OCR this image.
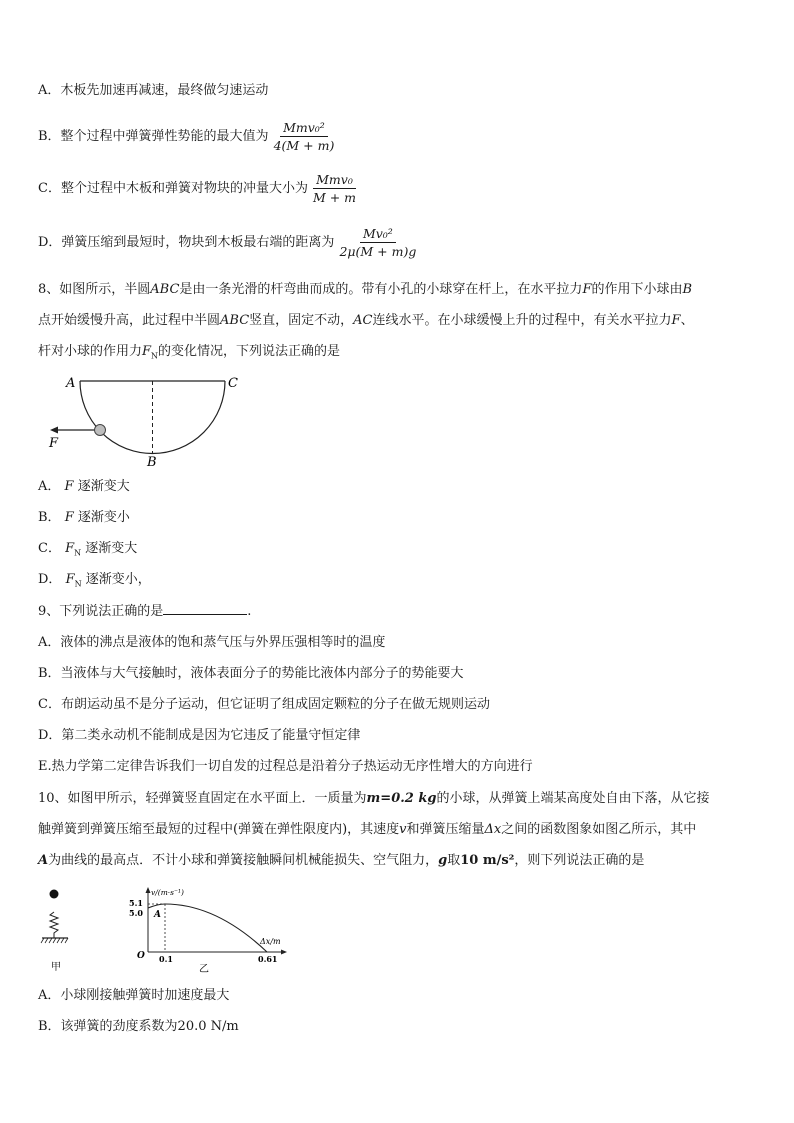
A．木板先加速再减速，最终做匀速运动
B．整个过程中弹簧弹性势能的最大值为 $\frac{\text{Mmv₀²}}{4(M + m)}$
C．整个过程中木板和弹簧对物块的冲量大小为 $\frac{\text{Mmv₀}}{M + m}$
D．弹簧压缩到最短时，物块到木板最右端的距离为 $\frac{\text{Mv₀²}}{2\mu(M + m)g}$
8、如图所示，半圆ABC是由一条光滑的杆弯曲而成的。带有小孔的小球穿在杆上，在水平拉力F的作用下小球由B
点开始缓慢升高，此过程中半圆ABC竖直，固定不动，AC连线水平。在小球缓慢上升的过程中，有关水平拉力F、
杆对小球的作用力$F_N$的变化情况，下列说法正确的是
A	C
B
F
A． F 逐渐变大
B． F 逐渐变小
C． $F_N$ 逐渐变大
D． $F_N$ 逐渐变小，
9、下列说法正确的是	.
A．液体的沸点是液体的饱和蒸气压与外界压强相等时的温度
B．当液体与大气接触时，液体表面分子的势能比液体内部分子的势能要大
C．布朗运动虽不是分子运动，但它证明了组成固定颗粒的分子在做无规则运动
D．第二类永动机不能制成是因为它违反了能量守恒定律
E.热力学第二定律告诉我们一切自发的过程总是沿着分子热运动无序性增大的方向进行
10、如图甲所示，轻弹簧竖直固定在水平面上．一质量为m=0.2 kg的小球，从弹簧上端某高度处自由下落，从它接
触弹簧到弹簧压缩至最短的过程中(弹簧在弹性限度内)，其速度v和弹簧压缩量Δx之间的函数图象如图乙所示，其中
A为曲线的最高点．不计小球和弹簧接触瞬间机械能损失、空气阻力，g取10 m/s²，则下列说法正确的是
甲
v/(m·s⁻¹)
Δx/m
5.1
5.0 A
O 0.1	0.61
乙
A．小球刚接触弹簧时加速度最大
B．该弹簧的劲度系数为20.0 N/m
